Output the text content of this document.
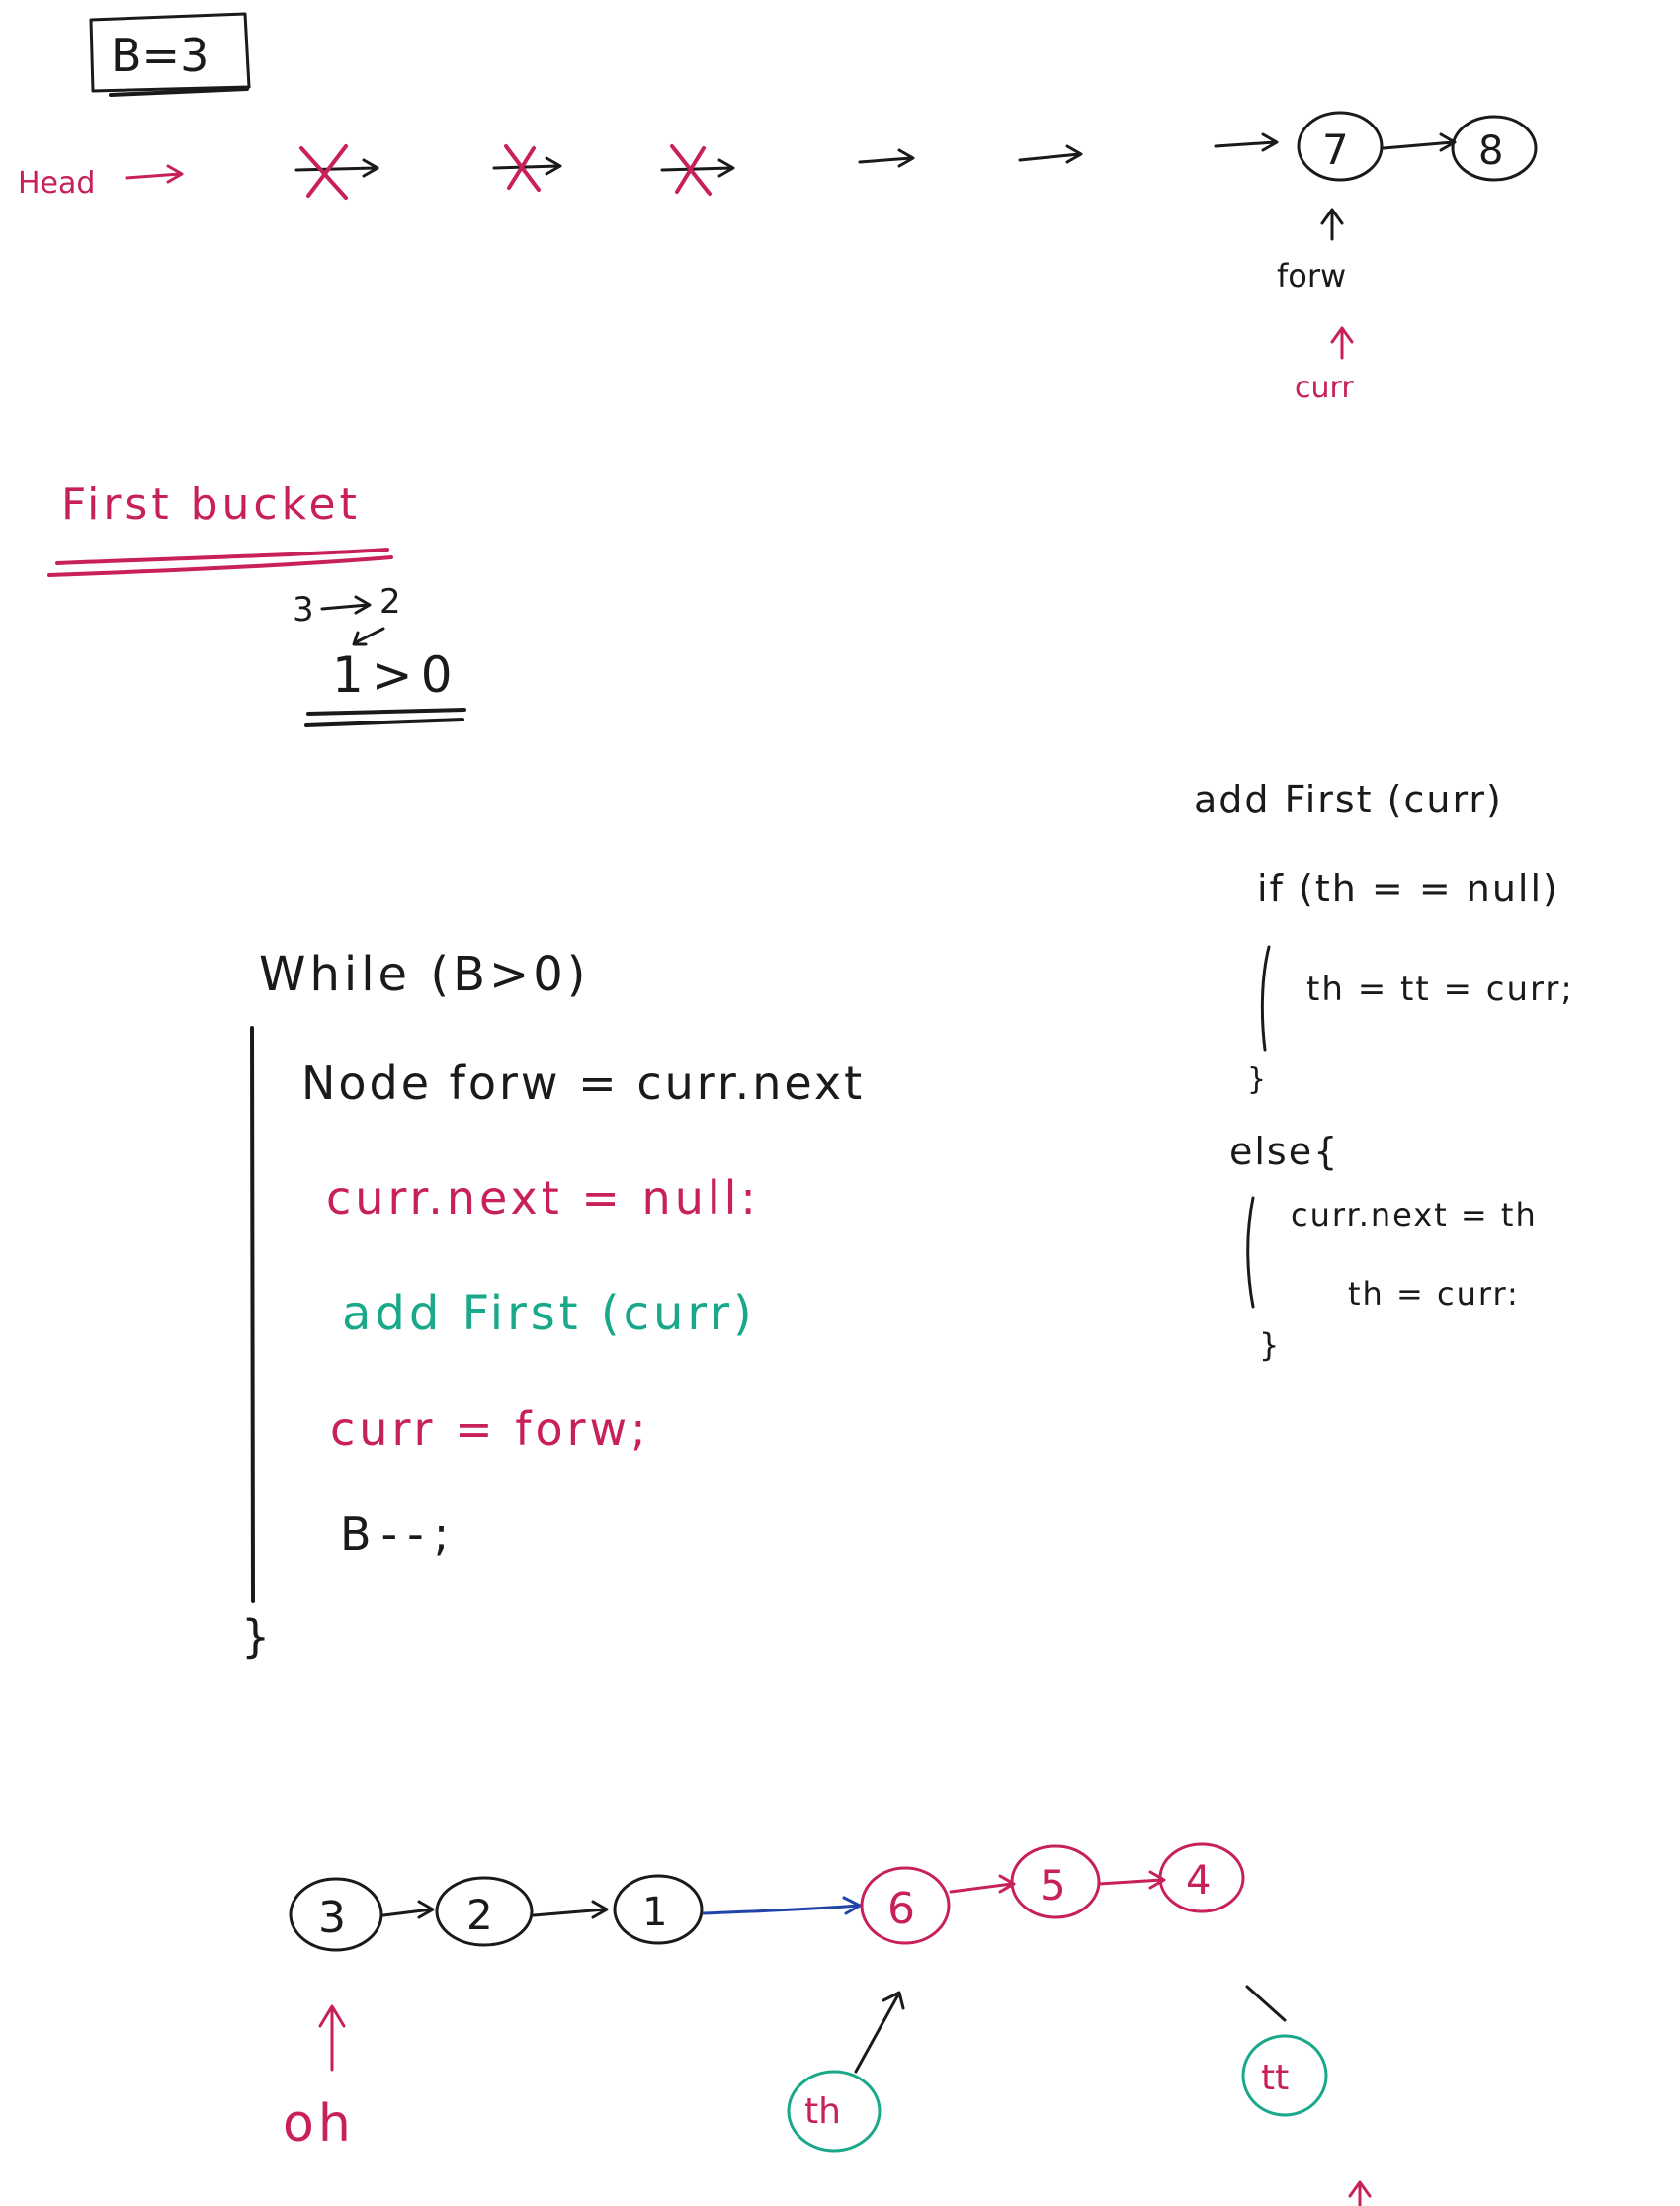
B=3
Head
7	8
forw
curr
First bucket
3 2
1>0
While (B>0)
Node forw = curr.next
curr.next = null:
add First (curr)
curr = forw;
B--;
}
add First (curr)
if (th = = null)
th = tt = curr;
}
else{
curr.next = th
th = curr:
}
3	2	1	6	5	4
oh	th
tt
